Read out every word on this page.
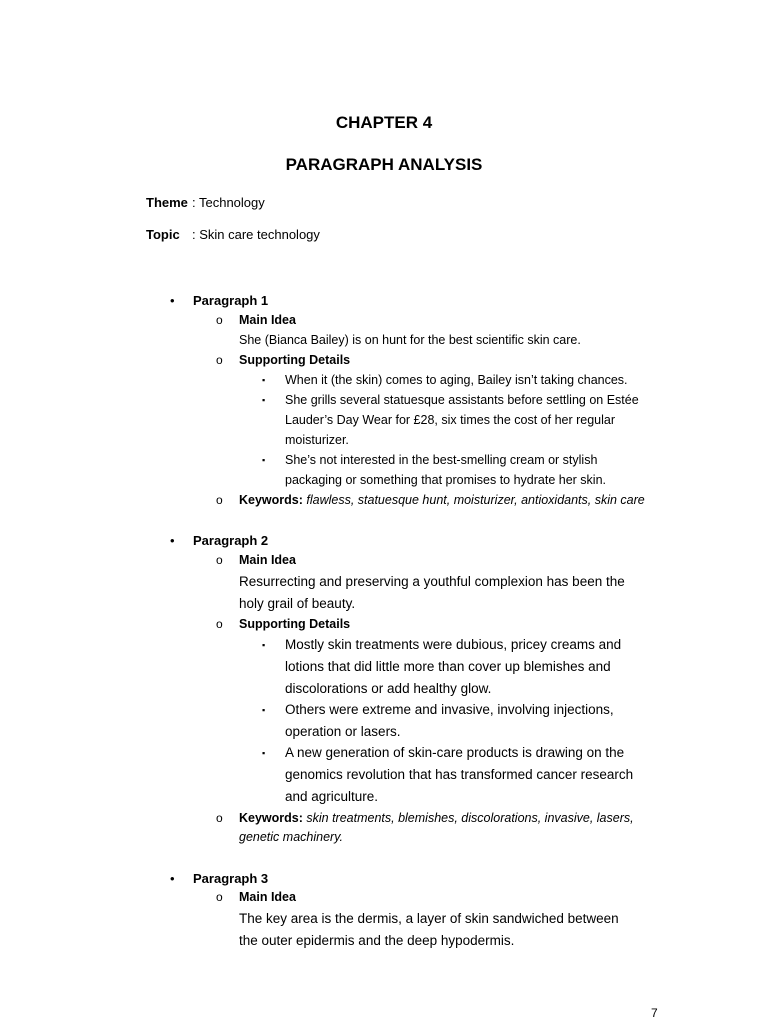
CHAPTER 4
PARAGRAPH ANALYSIS
Theme : Technology
Topic : Skin care technology
• Paragraph 1
o Main Idea
She (Bianca Bailey) is on hunt for the best scientific skin care.
o Supporting Details
▪ When it (the skin) comes to aging, Bailey isn’t taking chances.
▪ She grills several statuesque assistants before settling on Estée
Lauder’s Day Wear for £28, six times the cost of her regular
moisturizer.
▪ She’s not interested in the best-smelling cream or stylish
packaging or something that promises to hydrate her skin.
o Keywords: flawless, statuesque hunt, moisturizer, antioxidants, skin care
• Paragraph 2
o Main Idea
Resurrecting and preserving a youthful complexion has been the
holy grail of beauty.
o Supporting Details
▪ Mostly skin treatments were dubious, pricey creams and
lotions that did little more than cover up blemishes and
discolorations or add healthy glow.
▪ Others were extreme and invasive, involving injections,
operation or lasers.
▪ A new generation of skin-care products is drawing on the
genomics revolution that has transformed cancer research
and agriculture.
o Keywords: skin treatments, blemishes, discolorations, invasive, lasers,
genetic machinery.
• Paragraph 3
o Main Idea
The key area is the dermis, a layer of skin sandwiched between
the outer epidermis and the deep hypodermis.
7
